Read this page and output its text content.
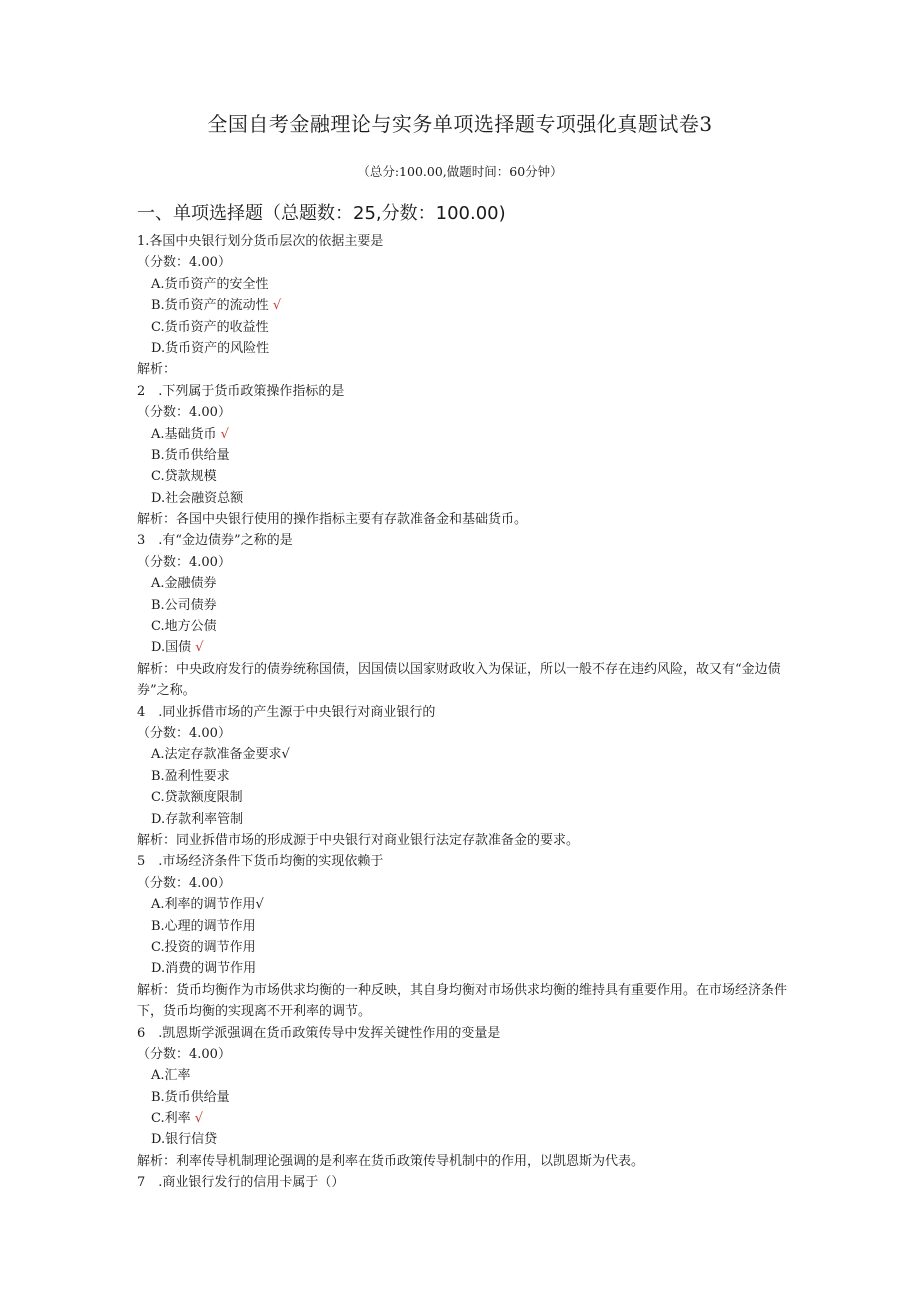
全国自考金融理论与实务单项选择题专项强化真题试卷3
（总分:100.00,做题时间：60分钟）
一、单项选择题（总题数：25,分数：100.00)
1.各国中央银行划分货币层次的依据主要是
（分数：4.00）
A.货币资产的安全性
B.货币资产的流动性 √
C.货币资产的收益性
D.货币资产的风险性
解析：
2　.下列属于货币政策操作指标的是
（分数：4.00）
A.基础货币 √
B.货币供给量
C.贷款规模
D.社会融资总额
解析：各国中央银行使用的操作指标主要有存款准备金和基础货币。
3　.有“金边债券”之称的是
（分数：4.00）
A.金融债券
B.公司债券
C.地方公债
D.国债 √
解析：中央政府发行的债券统称国债，因国债以国家财政收入为保证，所以一般不存在违约风险，故又有“金边债券”之称。
4　.同业拆借市场的产生源于中央银行对商业银行的
（分数：4.00）
A.法定存款准备金要求√
B.盈利性要求
C.贷款额度限制
D.存款利率管制
解析：同业拆借市场的形成源于中央银行对商业银行法定存款准备金的要求。
5　.市场经济条件下货币均衡的实现依赖于
（分数：4.00）
A.利率的调节作用√
B.心理的调节作用
C.投资的调节作用
D.消费的调节作用
解析：货币均衡作为市场供求均衡的一种反映，其自身均衡对市场供求均衡的维持具有重要作用。在市场经济条件下，货币均衡的实现离不开利率的调节。
6　.凯恩斯学派强调在货币政策传导中发挥关键性作用的变量是
（分数：4.00）
A.汇率
B.货币供给量
C.利率 √
D.银行信贷
解析：利率传导机制理论强调的是利率在货币政策传导机制中的作用，以凯恩斯为代表。
7　.商业银行发行的信用卡属于（）
